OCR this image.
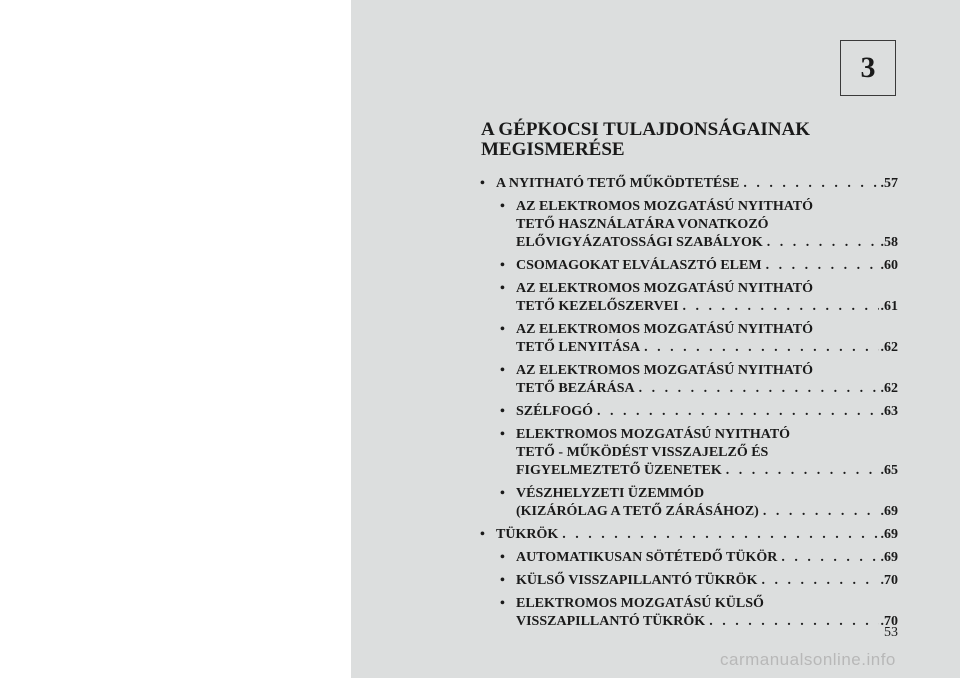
3
A GÉPKOCSI TULAJDONSÁGAINAK
MEGISMERÉSE
• A NYITHATÓ TETŐ MŰKÖDTETÉSE . . .	.57
• AZ ELEKTROMOS MOZGATÁSÚ NYITHATÓ
TETŐ HASZNÁLATÁRA VONATKOZÓ
ELŐVIGYÁZATOSSÁGI SZABÁLYOK . . .	.58
• CSOMAGOKAT ELVÁLASZTÓ ELEM . . .	.60
• AZ ELEKTROMOS MOZGATÁSÚ NYITHATÓ
TETŐ KEZELŐSZERVEI . . .	.61
• AZ ELEKTROMOS MOZGATÁSÚ NYITHATÓ
TETŐ LENYITÁSA . . .	.62
• AZ ELEKTROMOS MOZGATÁSÚ NYITHATÓ
TETŐ BEZÁRÁSA . . .	.62
• SZÉLFOGÓ . . .	.63
• ELEKTROMOS MOZGATÁSÚ NYITHATÓ
TETŐ - MŰKÖDÉST VISSZAJELZŐ ÉS
FIGYELMEZTETŐ ÜZENETEK . . .	.65
• VÉSZHELYZETI ÜZEMMÓD
(KIZÁRÓLAG A TETŐ ZÁRÁSÁHOZ) . . .	.69
• TÜKRÖK . . .	.69
• AUTOMATIKUSAN SÖTÉTEDŐ TÜKÖR . . .	.69
• KÜLSŐ VISSZAPILLANTÓ TÜKRÖK . . .	.70
• ELEKTROMOS MOZGATÁSÚ KÜLSŐ
VISSZAPILLANTÓ TÜKRÖK . . .	.70
53
carmanualsonline.info
